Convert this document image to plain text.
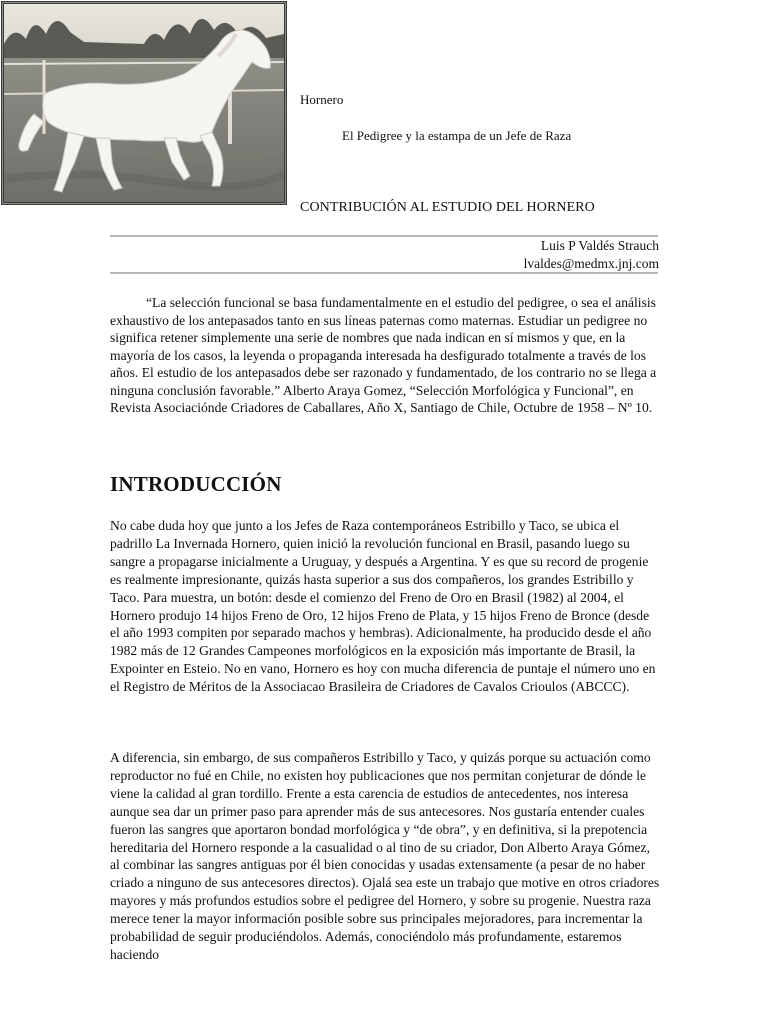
Hornero
El Pedigree y la estampa de un Jefe de Raza
CONTRIBUCIÓN AL ESTUDIO DEL HORNERO
Luis P Valdés Strauch
lvaldes@medmx.jnj.com

“La selección funcional se basa fundamentalmente en el estudio del pedigree, o sea el análisis exhaustivo de los antepasados tanto en sus líneas paternas como maternas. Estudiar un pedigree no significa retener simplemente una serie de nombres que nada indican en sí mismos y que, en la mayoría de los casos, la leyenda o propaganda interesada ha desfigurado totalmente a través de los años. El estudio de los antepasados debe ser razonado y fundamentado, de los contrario no se llega a ninguna conclusión favorable.” Alberto Araya Gomez, “Selección Morfológica y Funcional”, en Revista Asociaciónde Criadores de Caballares, Año X, Santiago de Chile, Octubre de 1958 – Nº 10.

INTRODUCCIÓN

No cabe duda hoy que junto a los Jefes de Raza contemporáneos Estribillo y Taco, se ubica el padrillo La Invernada Hornero, quien inició la revolución funcional en Brasil, pasando luego su sangre a propagarse inicialmente a Uruguay, y después a Argentina. Y es que su record de progenie es realmente impresionante, quizás hasta superior a sus dos compañeros, los grandes Estribillo y Taco. Para muestra, un botón: desde el comienzo del Freno de Oro en Brasil (1982) al 2004, el Hornero produjo 14 hijos Freno de Oro, 12 hijos Freno de Plata, y 15 hijos Freno de Bronce (desde el año 1993 compiten por separado machos y hembras). Adicionalmente, ha producido desde el año 1982 más de 12 Grandes Campeones morfológicos en la exposición más importante de Brasil, la Expointer en Esteio. No en vano, Hornero es hoy con mucha diferencia de puntaje el número uno en el Registro de Méritos de la Associacao Brasileira de Criadores de Cavalos Crioulos (ABCCC).

A diferencia, sin embargo, de sus compañeros Estribillo y Taco, y quizás porque su actuación como reproductor no fué en Chile, no existen hoy publicaciones que nos permitan conjeturar de dónde le viene la calidad al gran tordillo. Frente a esta carencia de estudios de antecedentes, nos interesa aunque sea dar un primer paso para aprender más de sus antecesores. Nos gustaría entender cuales fueron las sangres que aportaron bondad morfológica y “de obra”, y en definitiva, si la prepotencia hereditaria del Hornero responde a la casualidad o al tino de su criador, Don Alberto Araya Gómez, al combinar las sangres antiguas por él bien conocidas y usadas extensamente (a pesar de no haber criado a ninguno de sus antecesores directos). Ojalá sea este un trabajo que motive en otros criadores mayores y más profundos estudios sobre el pedigree del Hornero, y sobre su progenie. Nuestra raza merece tener la mayor información posible sobre sus principales mejoradores, para incrementar la probabilidad de seguir produciéndolos. Además, conociéndolo más profundamente, estaremos haciendo
